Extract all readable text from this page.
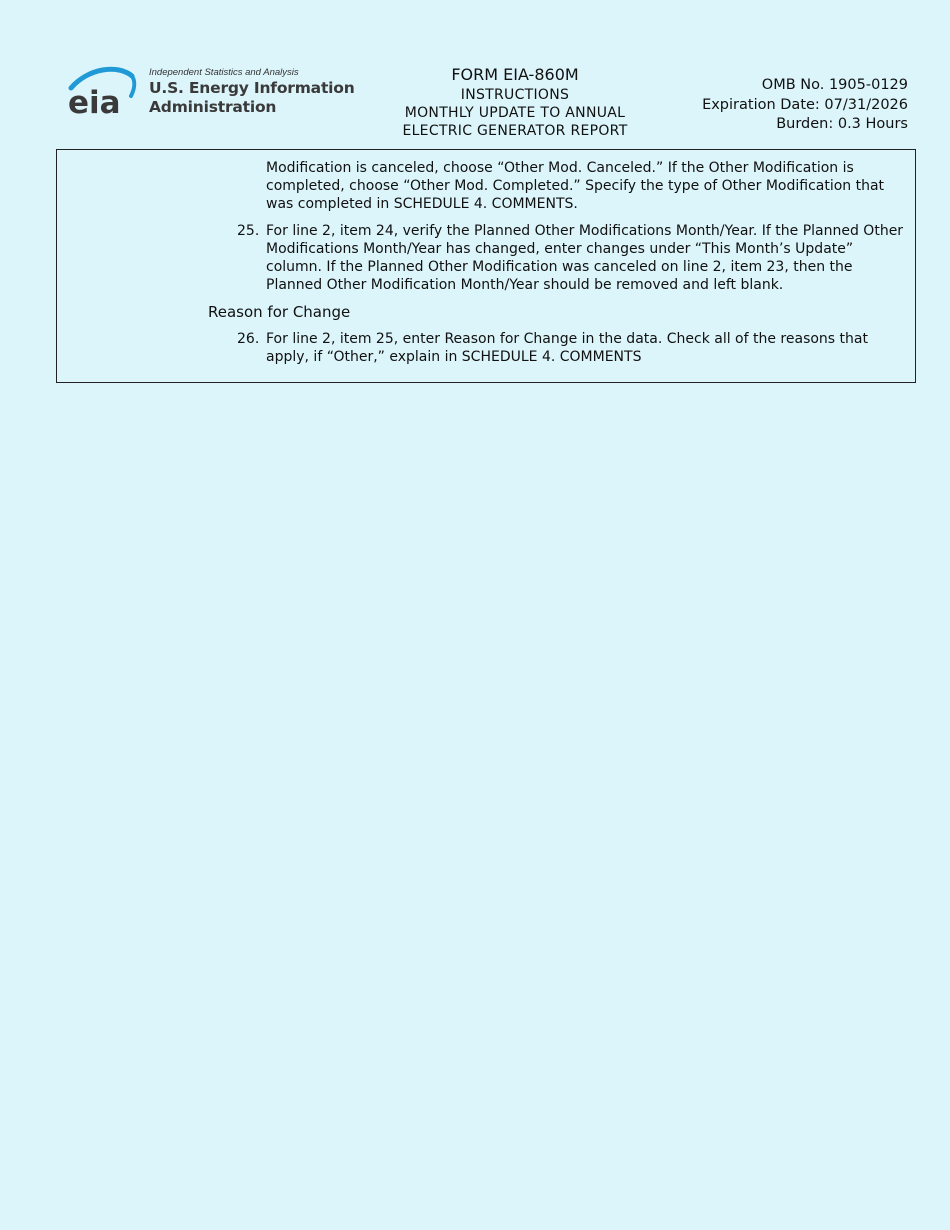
eia
Independent Statistics and Analysis
U.S. Energy Information
Administration
FORM EIA-860M
INSTRUCTIONS
MONTHLY UPDATE TO ANNUAL
ELECTRIC GENERATOR REPORT
OMB No. 1905-0129
Expiration Date: 07/31/2026
Burden: 0.3 Hours
Modification is canceled, choose “Other Mod. Canceled.” If the Other Modification is completed, choose “Other Mod. Completed.” Specify the type of Other Modification that was completed in SCHEDULE 4. COMMENTS.
25. For line 2, item 24, verify the Planned Other Modifications Month/Year. If the Planned Other Modifications Month/Year has changed, enter changes under “This Month’s Update” column. If the Planned Other Modification was canceled on line 2, item 23, then the Planned Other Modification Month/Year should be removed and left blank.
Reason for Change
26. For line 2, item 25, enter Reason for Change in the data. Check all of the reasons that apply, if “Other,” explain in SCHEDULE 4. COMMENTS
